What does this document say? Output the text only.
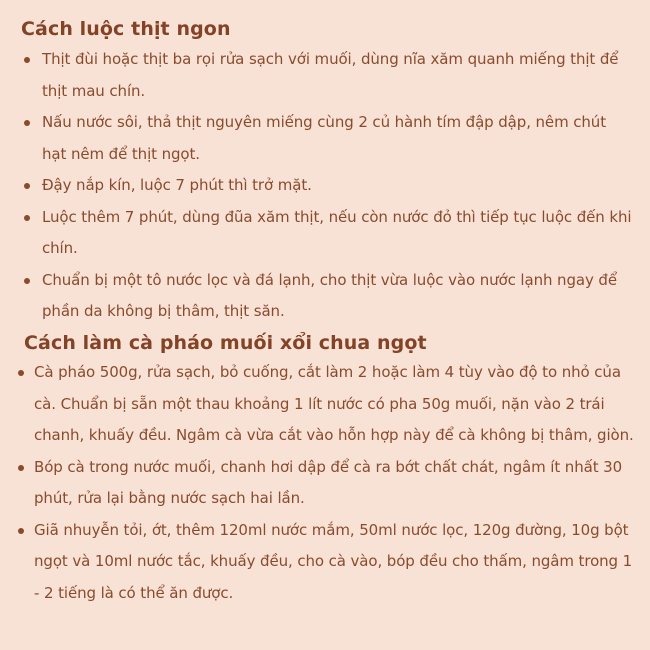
Cách luộc thịt ngon
Thịt đùi hoặc thịt ba rọi rửa sạch với muối, dùng nĩa xăm quanh miếng thịt để thịt mau chín.
Nấu nước sôi, thả thịt nguyên miếng cùng 2 củ hành tím đập dập, nêm chút hạt nêm để thịt ngọt.
Đậy nắp kín, luộc 7 phút thì trở mặt.
Luộc thêm 7 phút, dùng đũa xăm thịt, nếu còn nước đỏ thì tiếp tục luộc đến khi chín.
Chuẩn bị một tô nước lọc và đá lạnh, cho thịt vừa luộc vào nước lạnh ngay để phần da không bị thâm, thịt săn.
Cách làm cà pháo muối xổi chua ngọt
Cà pháo 500g, rửa sạch, bỏ cuống, cắt làm 2 hoặc làm 4 tùy vào độ to nhỏ của cà. Chuẩn bị sẵn một thau khoảng 1 lít nước có pha 50g muối, nặn vào 2 trái chanh, khuấy đều. Ngâm cà vừa cắt vào hỗn hợp này để cà không bị thâm, giòn.
Bóp cà trong nước muối, chanh hơi dập để cà ra bớt chất chát, ngâm ít nhất 30 phút, rửa lại bằng nước sạch hai lần.
Giã nhuyễn tỏi, ớt, thêm 120ml nước mắm, 50ml nước lọc, 120g đường, 10g bột ngọt và 10ml nước tắc, khuấy đều, cho cà vào, bóp đều cho thấm, ngâm trong 1 - 2 tiếng là có thể ăn được.
